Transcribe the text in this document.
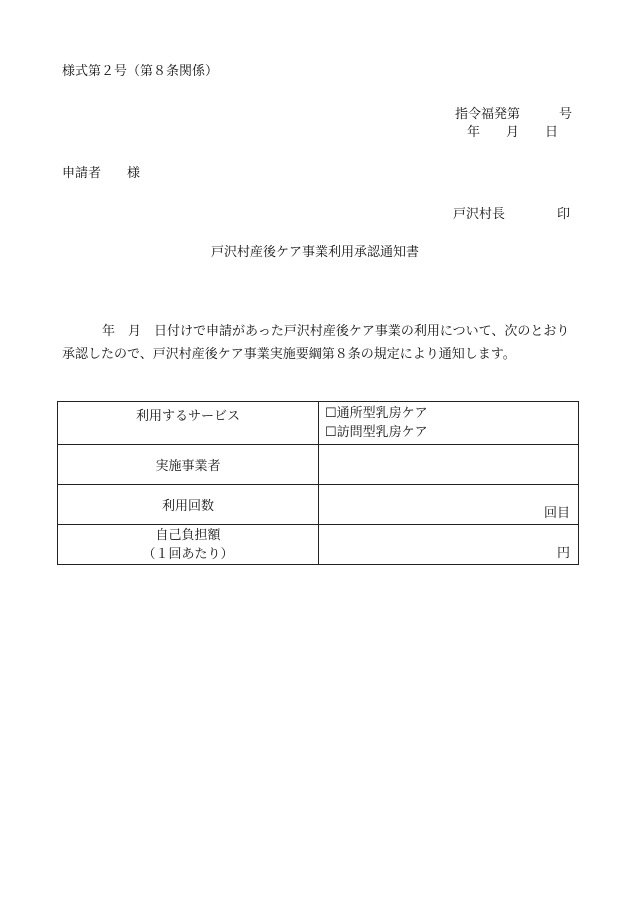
様式第２号（第８条関係）
指令福発第　　　号
年　　月　　日
申請者　　様
戸沢村長　　　　印
戸沢村産後ケア事業利用承認通知書
年　月　日付けで申請があった戸沢村産後ケア事業の利用について、次のとおり承認したので、戸沢村産後ケア事業実施要綱第８条の規定により通知します。
利用するサービス	☐通所型乳房ケア
☐訪問型乳房ケア

実施事業者	

利用回数	回目

自己負担額
（１回あたり）	円
